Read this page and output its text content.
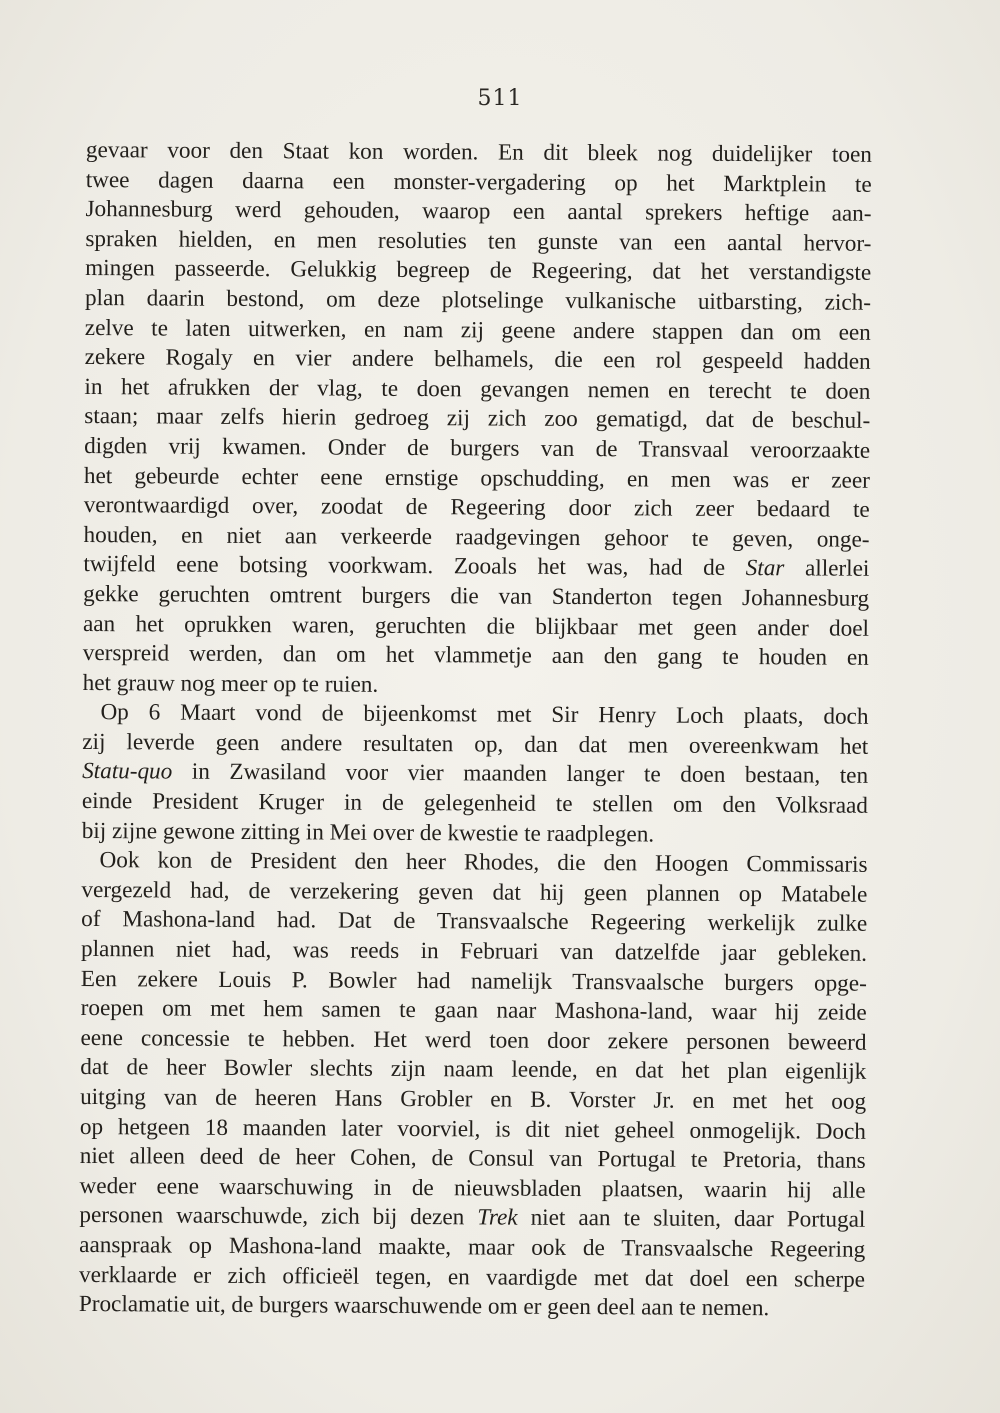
511
gevaar voor den Staat kon worden. En dit bleek nog duidelijker toen
twee dagen daarna een monster-vergadering op het Marktplein te
Johannesburg werd gehouden, waarop een aantal sprekers heftige aan-
spraken hielden, en men resoluties ten gunste van een aantal hervor-
mingen passeerde. Gelukkig begreep de Regeering, dat het verstandigste
plan daarin bestond, om deze plotselinge vulkanische uitbarsting, zich-
zelve te laten uitwerken, en nam zij geene andere stappen dan om een
zekere Rogaly en vier andere belhamels, die een rol gespeeld hadden
in het afrukken der vlag, te doen gevangen nemen en terecht te doen
staan; maar zelfs hierin gedroeg zij zich zoo gematigd, dat de beschul-
digden vrij kwamen. Onder de burgers van de Transvaal veroorzaakte
het gebeurde echter eene ernstige opschudding, en men was er zeer
verontwaardigd over, zoodat de Regeering door zich zeer bedaard te
houden, en niet aan verkeerde raadgevingen gehoor te geven, onge-
twijfeld eene botsing voorkwam. Zooals het was, had de Star allerlei
gekke geruchten omtrent burgers die van Standerton tegen Johannesburg
aan het oprukken waren, geruchten die blijkbaar met geen ander doel
verspreid werden, dan om het vlammetje aan den gang te houden en
het grauw nog meer op te ruien.
Op 6 Maart vond de bijeenkomst met Sir Henry Loch plaats, doch
zij leverde geen andere resultaten op, dan dat men overeenkwam het
Statu-quo in Zwasiland voor vier maanden langer te doen bestaan, ten
einde President Kruger in de gelegenheid te stellen om den Volksraad
bij zijne gewone zitting in Mei over de kwestie te raadplegen.
Ook kon de President den heer Rhodes, die den Hoogen Commissaris
vergezeld had, de verzekering geven dat hij geen plannen op Matabele
of Mashona-land had. Dat de Transvaalsche Regeering werkelijk zulke
plannen niet had, was reeds in Februari van datzelfde jaar gebleken.
Een zekere Louis P. Bowler had namelijk Transvaalsche burgers opge-
roepen om met hem samen te gaan naar Mashona-land, waar hij zeide
eene concessie te hebben. Het werd toen door zekere personen beweerd
dat de heer Bowler slechts zijn naam leende, en dat het plan eigenlijk
uitging van de heeren Hans Grobler en B. Vorster Jr. en met het oog
op hetgeen 18 maanden later voorviel, is dit niet geheel onmogelijk. Doch
niet alleen deed de heer Cohen, de Consul van Portugal te Pretoria, thans
weder eene waarschuwing in de nieuwsbladen plaatsen, waarin hij alle
personen waarschuwde, zich bij dezen Trek niet aan te sluiten, daar Portugal
aanspraak op Mashona-land maakte, maar ook de Transvaalsche Regeering
verklaarde er zich officieël tegen, en vaardigde met dat doel een scherpe
Proclamatie uit, de burgers waarschuwende om er geen deel aan te nemen.
